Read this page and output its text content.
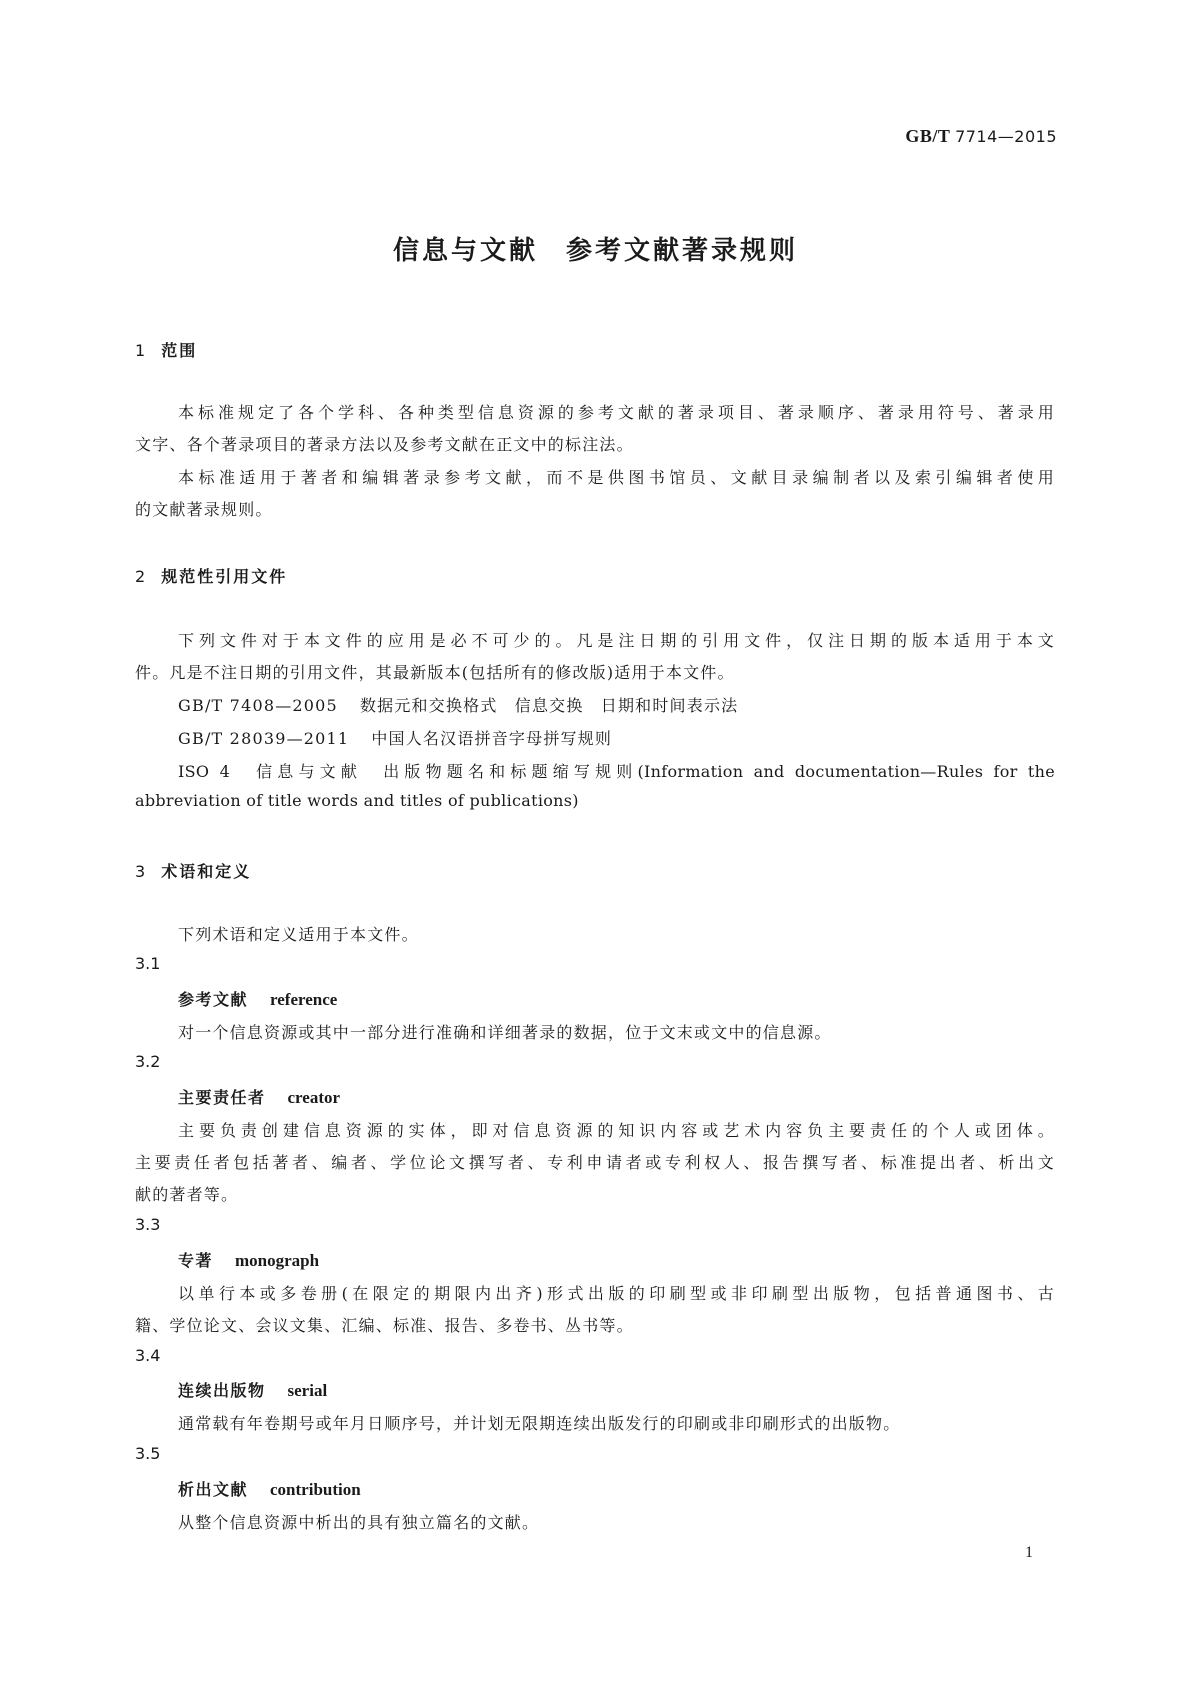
GB/T 7714—2015
信息与文献 参考文献著录规则
1 范围
本标准规定了各个学科、各种类型信息资源的参考文献的著录项目、著录顺序、著录用符号、著录用
文字、各个著录项目的著录方法以及参考文献在正文中的标注法。
本标准适用于著者和编辑著录参考文献，而不是供图书馆员、文献目录编制者以及索引编辑者使用
的文献著录规则。
2 规范性引用文件
下列文件对于本文件的应用是必不可少的。凡是注日期的引用文件，仅注日期的版本适用于本文
件。凡是不注日期的引用文件，其最新版本(包括所有的修改版)适用于本文件。
GB/T 7408—2005 数据元和交换格式　信息交换　日期和时间表示法
GB/T 28039—2011 中国人名汉语拼音字母拼写规则
ISO 4　信息与文献　出版物题名和标题缩写规则(Information and documentation—Rules for the
abbreviation of title words and titles of publications)
3 术语和定义
下列术语和定义适用于本文件。
3.1
参考文献 reference
对一个信息资源或其中一部分进行准确和详细著录的数据，位于文末或文中的信息源。
3.2
主要责任者 creator
主要负责创建信息资源的实体，即对信息资源的知识内容或艺术内容负主要责任的个人或团体。
主要责任者包括著者、编者、学位论文撰写者、专利申请者或专利权人、报告撰写者、标准提出者、析出文
献的著者等。
3.3
专著 monograph
以单行本或多卷册(在限定的期限内出齐)形式出版的印刷型或非印刷型出版物，包括普通图书、古
籍、学位论文、会议文集、汇编、标准、报告、多卷书、丛书等。
3.4
连续出版物 serial
通常载有年卷期号或年月日顺序号，并计划无限期连续出版发行的印刷或非印刷形式的出版物。
3.5
析出文献 contribution
从整个信息资源中析出的具有独立篇名的文献。
1
